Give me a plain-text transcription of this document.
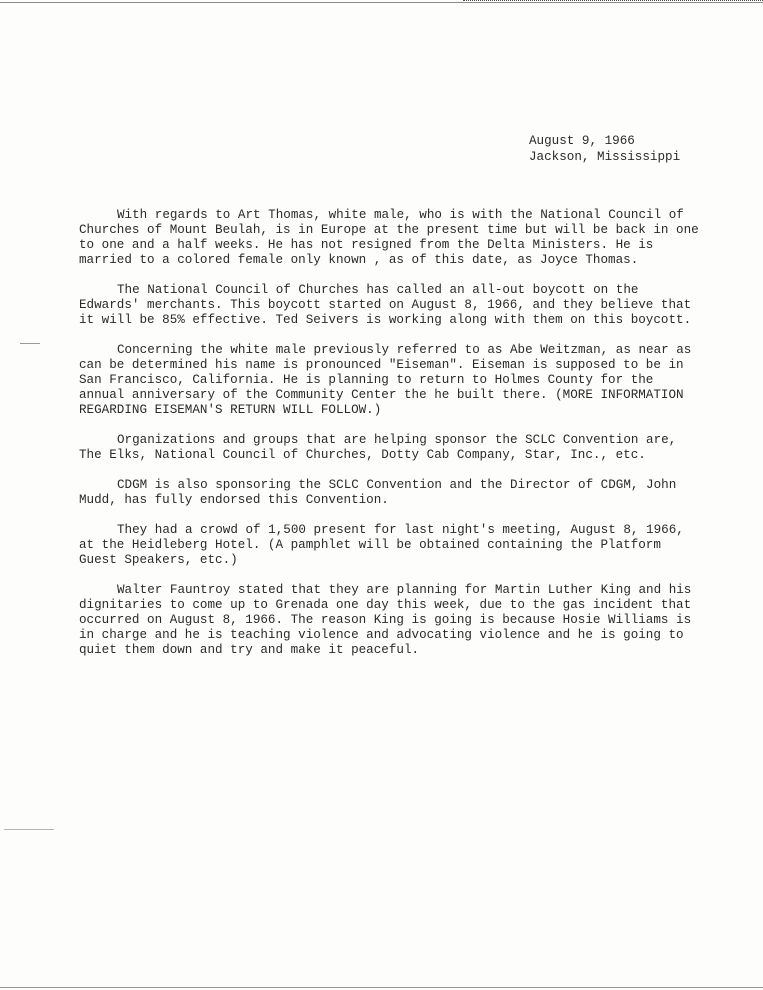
August 9, 1966
Jackson, Mississippi

With regards to Art Thomas, white male, who is with the National Council of Churches of Mount Beulah, is in Europe at the present time but will be back in one to one and a half weeks. He has not resigned from the Delta Ministers. He is married to a colored female only known , as of this date, as Joyce Thomas.

The National Council of Churches has called an all-out boycott on the Edwards' merchants. This boycott started on August 8, 1966, and they believe that it will be 85% effective. Ted Seivers is working along with them on this boycott.

Concerning the white male previously referred to as Abe Weitzman, as near as can be determined his name is pronounced "Eiseman". Eiseman is supposed to be in San Francisco, California. He is planning to return to Holmes County for the annual anniversary of the Community Center the he built there. (MORE INFORMATION REGARDING EISEMAN'S RETURN WILL FOLLOW.)

Organizations and groups that are helping sponsor the SCLC Convention are, The Elks, National Council of Churches, Dotty Cab Company, Star, Inc., etc.

CDGM is also sponsoring the SCLC Convention and the Director of CDGM, John Mudd, has fully endorsed this Convention.

They had a crowd of 1,500 present for last night's meeting, August 8, 1966, at the Heidleberg Hotel. (A pamphlet will be obtained containing the Platform Guest Speakers, etc.)

Walter Fauntroy stated that they are planning for Martin Luther King and his dignitaries to come up to Grenada one day this week, due to the gas incident that occurred on August 8, 1966. The reason King is going is because Hosie Williams is in charge and he is teaching violence and advocating violence and he is going to quiet them down and try and make it peaceful.
